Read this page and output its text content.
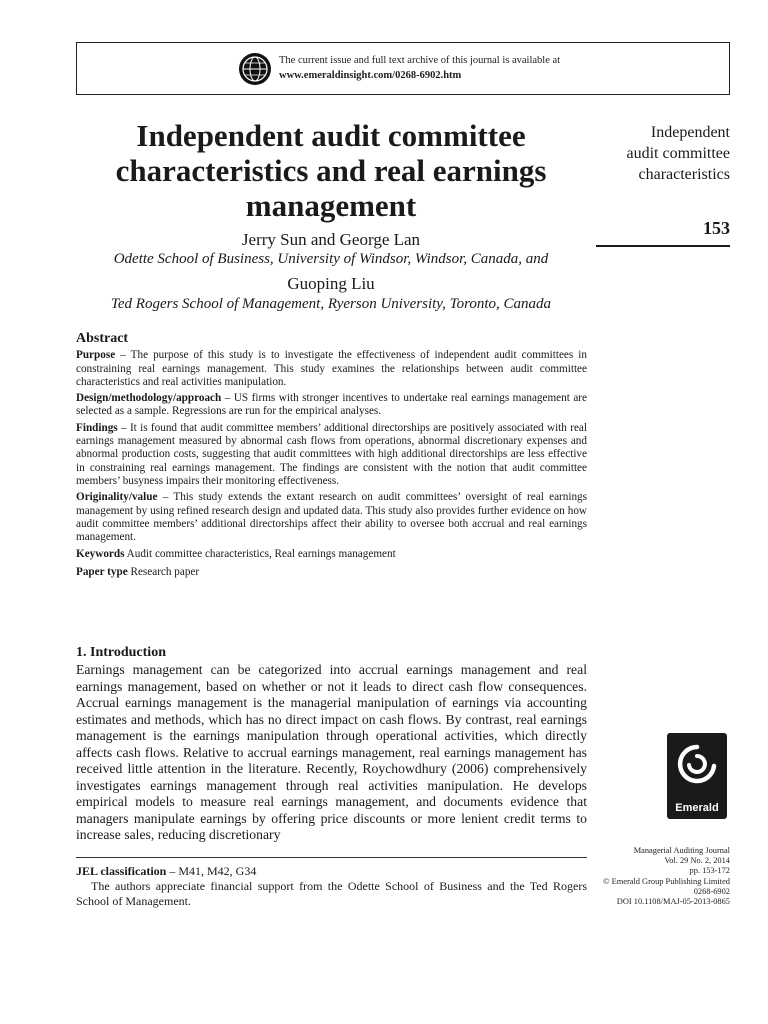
The current issue and full text archive of this journal is available at
www.emeraldinsight.com/0268-6902.htm
Independent audit committee
characteristics and real earnings
management
Jerry Sun and George Lan
Odette School of Business, University of Windsor, Windsor, Canada, and
Guoping Liu
Ted Rogers School of Management, Ryerson University, Toronto, Canada
Independent
audit committee
characteristics
153
Abstract

Purpose – The purpose of this study is to investigate the effectiveness of independent audit committees in constraining real earnings management. This study examines the relationships between audit committee characteristics and real activities manipulation.

Design/methodology/approach – US firms with stronger incentives to undertake real earnings management are selected as a sample. Regressions are run for the empirical analyses.

Findings – It is found that audit committee members’ additional directorships are positively associated with real earnings management measured by abnormal cash flows from operations, abnormal discretionary expenses and abnormal production costs, suggesting that audit committees with high additional directorships are less effective in constraining real earnings management. The findings are consistent with the notion that audit committee members’ busyness impairs their monitoring effectiveness.

Originality/value – This study extends the extant research on audit committees’ oversight of real earnings management by using refined research design and updated data. This study also provides further evidence on how audit committee members’ additional directorships affect their ability to oversee both accrual and real earnings management.

Keywords Audit committee characteristics, Real earnings management

Paper type Research paper

1. Introduction

Earnings management can be categorized into accrual earnings management and real earnings management, based on whether or not it leads to direct cash flow consequences. Accrual earnings management is the managerial manipulation of earnings via accounting estimates and methods, which has no direct impact on cash flows. By contrast, real earnings management is the earnings manipulation through operational activities, which directly affects cash flows. Relative to accrual earnings management, real earnings management has received little attention in the literature. Recently, Roychowdhury (2006) comprehensively investigates earnings management through real activities manipulation. He develops empirical models to measure real earnings management, and documents evidence that managers manipulate earnings by offering price discounts or more lenient credit terms to increase sales, reducing discretionary

JEL classification – M41, M42, G34

The authors appreciate financial support from the Odette School of Business and the Ted Rogers School of Management.

Emerald
Managerial Auditing Journal
Vol. 29 No. 2, 2014
pp. 153-172
© Emerald Group Publishing Limited
0268-6902
DOI 10.1108/MAJ-05-2013-0865
